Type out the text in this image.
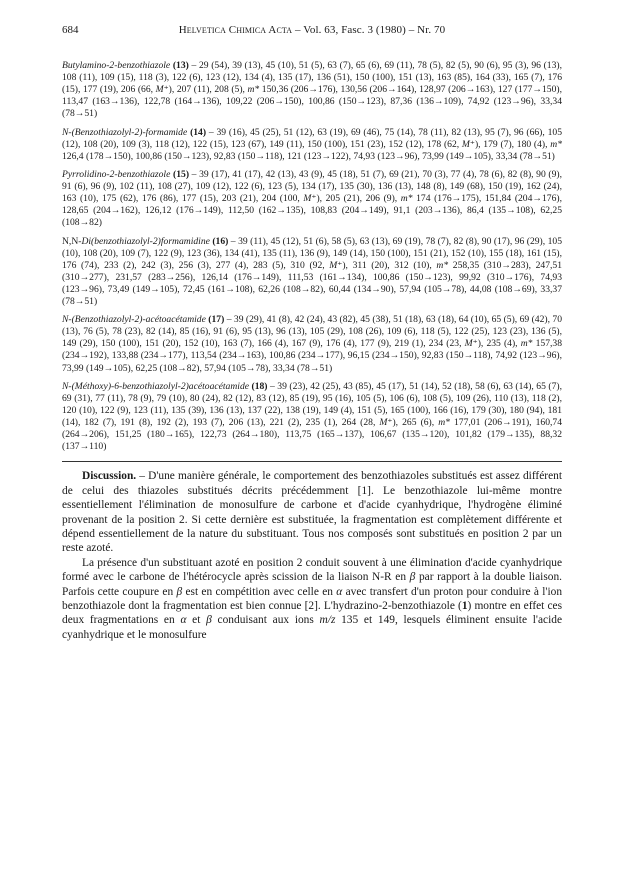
684	Helvetica Chimica Acta – Vol. 63, Fasc. 3 (1980) – Nr. 70

Butylamino-2-benzothiazole (13) – 29 (54), 39 (13), 45 (10), 51 (5), 63 (7), 65 (6), 69 (11), 78 (5), 82 (5), 90 (6), 95 (3), 96 (13), 108 (11), 109 (15), 118 (3), 122 (6), 123 (12), 134 (4), 135 (17), 136 (51), 150 (100), 151 (13), 163 (85), 164 (33), 165 (7), 176 (15), 177 (19), 206 (66, M⁺), 207 (11), 208 (5), m* 150,36 (206→176), 130,56 (206→164), 128,97 (206→163), 127 (177→150), 113,47 (163→136), 122,78 (164→136), 109,22 (206→150), 100,86 (150→123), 87,36 (136→109), 74,92 (123→96), 33,34 (78→51)

N-(Benzothiazolyl-2)-formamide (14) – 39 (16), 45 (25), 51 (12), 63 (19), 69 (46), 75 (14), 78 (11), 82 (13), 95 (7), 96 (66), 105 (12), 108 (20), 109 (3), 118 (12), 122 (15), 123 (67), 149 (11), 150 (100), 151 (23), 152 (12), 178 (62, M⁺), 179 (7), 180 (4), m* 126,4 (178→150), 100,86 (150→123), 92,83 (150→118), 121 (123→122), 74,93 (123→96), 73,99 (149→105), 33,34 (78→51)

Pyrrolidino-2-benzothiazole (15) – 39 (17), 41 (17), 42 (13), 43 (9), 45 (18), 51 (7), 69 (21), 70 (3), 77 (4), 78 (6), 82 (8), 90 (9), 91 (6), 96 (9), 102 (11), 108 (27), 109 (12), 122 (6), 123 (5), 134 (17), 135 (30), 136 (13), 148 (8), 149 (68), 150 (19), 162 (24), 163 (10), 175 (62), 176 (86), 177 (15), 203 (21), 204 (100, M⁺), 205 (21), 206 (9), m* 174 (176→175), 151,84 (204→176), 128,65 (204→162), 126,12 (176→149), 112,50 (162→135), 108,83 (204→149), 91,1 (203→136), 86,4 (135→108), 62,25 (108→82)

N,N-Di(benzothiazolyl-2)formamidine (16) – 39 (11), 45 (12), 51 (6), 58 (5), 63 (13), 69 (19), 78 (7), 82 (8), 90 (17), 96 (29), 105 (10), 108 (20), 109 (7), 122 (9), 123 (36), 134 (41), 135 (11), 136 (9), 149 (14), 150 (100), 151 (21), 152 (10), 155 (18), 161 (15), 176 (74), 233 (2), 242 (3), 256 (3), 277 (4), 283 (5), 310 (92, M⁺), 311 (20), 312 (10), m* 258,35 (310→283), 247,51 (310→277), 231,57 (283→256), 126,14 (176→149), 111,53 (161→134), 100,86 (150→123), 99,92 (310→176), 74,93 (123→96), 73,49 (149→105), 72,45 (161→108), 62,26 (108→82), 60,44 (134→90), 57,94 (105→78), 44,08 (108→69), 33,37 (78→51)

N-(Benzothiazolyl-2)-acétoacétamide (17) – 39 (29), 41 (8), 42 (24), 43 (82), 45 (38), 51 (18), 63 (18), 64 (10), 65 (5), 69 (42), 70 (13), 76 (5), 78 (23), 82 (14), 85 (16), 91 (6), 95 (13), 96 (13), 105 (29), 108 (26), 109 (6), 118 (5), 122 (25), 123 (23), 136 (5), 149 (29), 150 (100), 151 (20), 152 (10), 163 (7), 166 (4), 167 (9), 176 (4), 177 (9), 219 (1), 234 (23, M⁺), 235 (4), m* 157,38 (234→192), 133,88 (234→177), 113,54 (234→163), 100,86 (234→177), 96,15 (234→150), 92,83 (150→118), 74,92 (123→96), 73,99 (149→105), 62,25 (108→82), 57,94 (105→78), 33,34 (78→51)

N-(Méthoxy)-6-benzothiazolyl-2)acétoacétamide (18) – 39 (23), 42 (25), 43 (85), 45 (17), 51 (14), 52 (18), 58 (6), 63 (14), 65 (7), 69 (31), 77 (11), 78 (9), 79 (10), 80 (24), 82 (12), 83 (12), 85 (19), 95 (16), 105 (5), 106 (6), 108 (5), 109 (26), 110 (13), 118 (2), 120 (10), 122 (9), 123 (11), 135 (39), 136 (13), 137 (22), 138 (19), 149 (4), 151 (5), 165 (100), 166 (16), 179 (30), 180 (94), 181 (14), 182 (7), 191 (8), 192 (2), 193 (7), 206 (13), 221 (2), 235 (1), 264 (28, M⁺), 265 (6), m* 177,01 (206→191), 160,74 (264→206), 151,25 (180→165), 122,73 (264→180), 113,75 (165→137), 106,67 (135→120), 101,82 (179→135), 88,32 (137→110)

Discussion. – D'une manière générale, le comportement des benzothiazoles substitués est assez différent de celui des thiazoles substitués décrits précédemment [1]. Le benzothiazole lui-même montre essentiellement l'élimination de monosulfure de carbone et d'acide cyanhydrique, l'hydrogène éliminé provenant de la position 2. Si cette dernière est substituée, la fragmentation est complètement différente et dépend essentiellement de la nature du substituant. Tous nos composés sont substitués en position 2 par un reste azoté.

La présence d'un substituant azoté en position 2 conduit souvent à une élimination d'acide cyanhydrique formé avec le carbone de l'hétérocycle après scission de la liaison N-R en β par rapport à la double liaison. Parfois cette coupure en β est en compétition avec celle en α avec transfert d'un proton pour conduire à l'ion benzothiazole dont la fragmentation est bien connue [2]. L'hydrazino-2-benzothiazole (1) montre en effet ces deux fragmentations en α et β conduisant aux ions m/z 135 et 149, lesquels éliminent ensuite l'acide cyanhydrique et le monosulfure
